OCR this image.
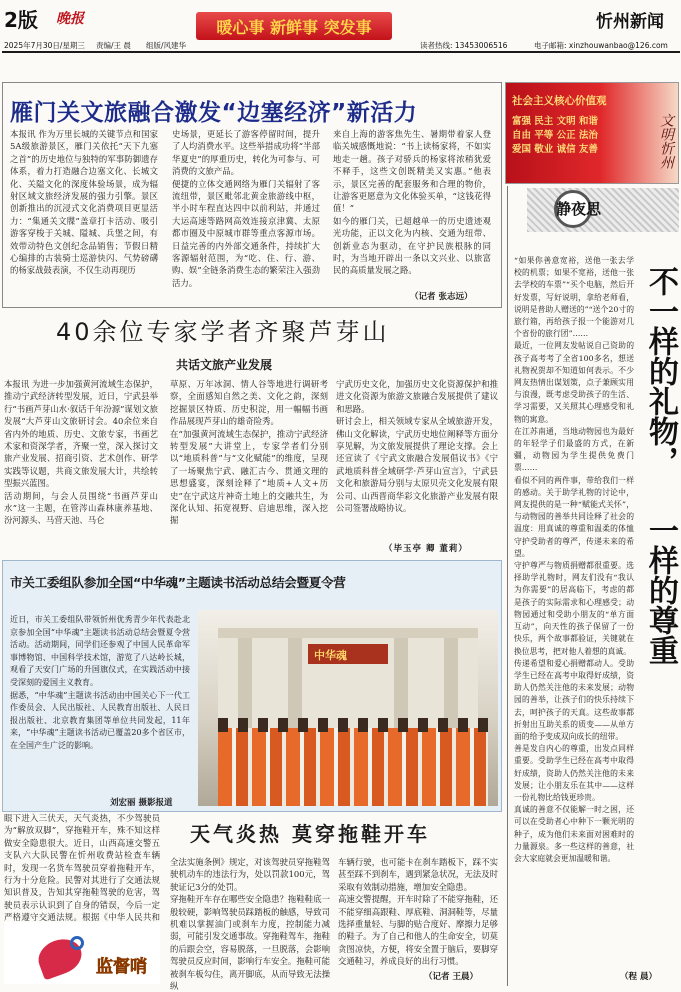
2版 晚报	暖心事 新鲜事 突发事	忻州新闻
2025年7月30日/星期三 责编/王 晨 组版/风建华	读者热线: 13453006516	电子邮箱: xinzhouwanbao@126.com
雁门关文旅融合激发“边塞经济”新活力
本报讯 作为万里长城的关键节点和国家5A级旅游景区，雁门关依托“天下九塞之首”的历史地位与独特的军事防御遗存体系，着力打造融合边塞文化、长城文化、关隘文化的深度体验场景，成为辐射区域文旅经济发展的强力引擎。景区创新推出的沉浸式文化消费项目更显活力：“集通关文牒”盖章打卡活动、吸引游客穿梭于关城、隘城、兵堡之间，有效带动特色文创纪念品销售；节假日精心编排的古装骑士巡游快闪、气势磅礴的杨家战鼓表演，不仅生动再现历
史场景，更延长了游客停留时间，提升了人均消费水平。这些举措成功将“半部华夏史”的厚重历史，转化为可参与、可消费的文旅产品。
便捷的立体交通网络为雁门关辐射了客流纽带，景区毗邻北黄金旅游线中枢，半小时车程直达四中以前利站，并通过大运高速等路网高效连接京津冀、太原都市圈及中原城市群等重点客源市场。日益完善的内外部交通条件，持续扩大客源辐射范围，为“吃、住、行、游、购、娱”全链条消费生态的繁荣注入强劲活力。
来自上海的游客焦先生、暑期带着家人登临关城感慨地说：“书上读杨家将，不如实地走一趟。孩子对骄兵的杨家将浓稍犹爱不释手，这些文创既精美又实惠。”他表示，景区完善的配套服务和合理的物价，让游客更愿意为文化体验买单，“这钱花得值！”
如今的雁门关，已超越单一的历史遗迹观光功能，正以文化为内核、交通为纽带、创新业态为驱动，在守护民族根脉的同时，为当地开辟出一条以文兴业、以旅富民的高质量发展之路。
（记者 张志远）
社会主义核心价值观
富强 民主 文明 和谐
自由 平等 公正 法治
爱国 敬业 诚信 友善	文明忻州
静夜思
不一样的礼物，
一样的尊重
“如果你善意宽裕，送他一张去学校的机票；如果不宽裕，送他一张去学校的车票”“买个电脑，然后开好发票，写好说明，拿给老师看，说明是普助人赠送的”“送个20寸的旅行箱，再给孩子报一个能游对几个省份的旅行团”……
最近，一位网友发帖说自己资助的孩子高考考了全省100多名，想送礼物祝贺却不知道如何表示。不少网友热情出谋划策，点子兼顾实用与浪漫，既考虑受助孩子的生活、学习需要，又关照其心理感受和礼物的寓意。
在江苏南通，当地动物园也为最好的年轻学子们最盛的方式，在新疆，动物园为学生提供免费门票……
看似不同的两件事，带给我们一样的感动。关于助学礼物的讨论中，网友提供的是一种“赋能式关怀”，与动物园的善举共同诠释了社会的温度：用真诚的尊重和温柔的体恤守护受助者的尊严，传递未来的希望。
守护尊严与物质捐赠都很重要。选择助学礼物时，网友们没有“我认为你需要”的居高临下，考虑的都是孩子的实际需求和心理感受；动物园通过和受助小朋友的“单方面互动”，向天性的孩子保留了一份快乐，两个故事都验证，关键就在换位思考，把对他人着想的真诚。
传递希望和爱心捐赠都动人。受助学生已经在高考中取得好成绩，资助人仍然关注他的未来发展；动物园的善举，让孩子们的快乐持续下去，呵护孩子的天真。这些故事都折射出互助关系的质变——从单方面的给予变成双向成长的纽带。
善是发自内心的尊重，出发点同样重要。受助学生已经在高考中取得好成绩，资助人仍然关注他的未来发展；让小朋友乐在其中——这样一份礼物比给钱更珍贵。
真诚的善意不仅能解一时之困，还可以在受助者心中种下一颗光明的种子，成为他们未来面对困难时的力量源泉。多一些这样的善意，社会大家庭就会更加温暖和谐。
（程 晨）
40余位专家学者齐聚芦芽山
共话文旅产业发展
本报讯 为进一步加强黄河流域生态保护，推动宁武经济转型发展，近日，宁武县举行“书画芦芽山水·叙话千年汾源”谋划文旅发展“大芦芽山文旅研讨会。40余位来自省内外的地质、历史、文旅专家，书画艺术家和资深学者，齐聚一堂，深入探讨文旅产业发展、招商引资、艺术创作、研学实践等议题，共商文旅发展大计，共绘转型振兴蓝图。
活动期间，与会人员围绕“书画芦芽山水”这一主题，在管涔山森林康养基地、汾河源头、马营天池、马仑
草原、万年冰洞、情人谷等地进行调研考察，全面感知自然之美、文化之韵，深刻挖掘景区特质、历史积淀，用一幅幅书画作品展现芦芽山的雄奇险秀。
在“加强黄河流域生态保护，推动宁武经济转型发展”大讲堂上，专家学者们分别以“地质科普”与“文化赋能”的维度，呈现了一场聚焦宁武、融汇古今、贯通文理的思想盛宴，深刻诠释了“地质+人文+历史”在宁武这片神奇土地上的交融共生，为深化认知、拓宽视野、启迪思维，深入挖掘
宁武历史文化，加强历史文化资源保护和推进文化资源为旅游文旅融合发展提供了建议和思路。
研讨会上，相关领域专家从全域旅游开发，佛山文化解读，宁武历史地位阐释等方面分享见解，为文旅发展提供了理论支撑。会上还宣读了《宁武文旅融合发展倡议书》《宁武地质科普全域研学·芦芽山宣言》，宁武县文化和旅游局分别与太原贝壳文化发展有限公司、山西晋商华彩文化旅游产业发展有限公司签署战略协议。
（毕玉亭 卿 董莉）
市关工委组队参加全国“中华魂”主题读书活动总结会暨夏令营
近日，市关工委组队带领忻州优秀青少年代表赴北京参加全国“中华魂”主题读书活动总结会暨夏令营活动。活动期间，同学们还参观了中国人民革命军事博物馆、中国科学技术馆，游览了八达岭长城，观看了天安门广场的升国旗仪式，在实践活动中接受深刻的爱国主义教育。
据悉，“中华魂”主题读书活动由中国关心下一代工作委员会、人民出版社、人民教育出版社、人民日报出版社、北京教育集团等单位共同发起，11年来，“中华魂”主题读书活动已覆盖20多个省区市，在全国产生广泛的影响。
刘宏丽 摄影报道
中华魂
眼下进入三伏天，天气炎热，不少驾驶员为“解放双脚”，穿拖鞋开车，殊不知这样做安全隐患很大。近日，山西高速交警五支队六大队民警在忻州收费站检查车辆时，发现一名货车驾驶员穿着拖鞋开车，行为十分危险。民警对其进行了交通法规知识普及，告知其穿拖鞋驾驶的危害，驾驶员表示认识到了自身的错误，今后一定严格遵守交通法规。根据《中华人民共和
天气炎热 莫穿拖鞋开车
全法实施条例》规定，对该驾驶员穿拖鞋驾驶机动车的违法行为，处以罚款100元，驾驶证记3分的处罚。
穿拖鞋开车存在哪些安全隐患？拖鞋鞋底一般较硬，影响驾驶员踩踏板的触感，导致司机难以掌握油门或刹车力度，控制能力减弱，可能引发交通事故。穿拖鞋驾车，拖鞋的后跟会空，容易脱落，一旦脱落，会影响驾驶员反应时间，影响行车安全。拖鞋可能被刹车板勾住，离开脚底，从而导致无法操纵
车辆行驶，也可能卡在刹车踏板下，踩不实甚至踩不到刹车，遇到紧急状况，无法及时采取有效制动措施，增加安全隐患。
高速交警提醒，开车时除了不能穿拖鞋，还不能穿细高跟鞋、厚底鞋、洞洞鞋等，尽量选择重量轻、与脚的贴合度好、摩擦力足够的鞋子。为了自己和他人的生命安全，切莫贪图凉快，方便，将安全置于脑后，要脚穿交通鞋习，养成良好的出行习惯。
（记者 王晨）
监督哨
